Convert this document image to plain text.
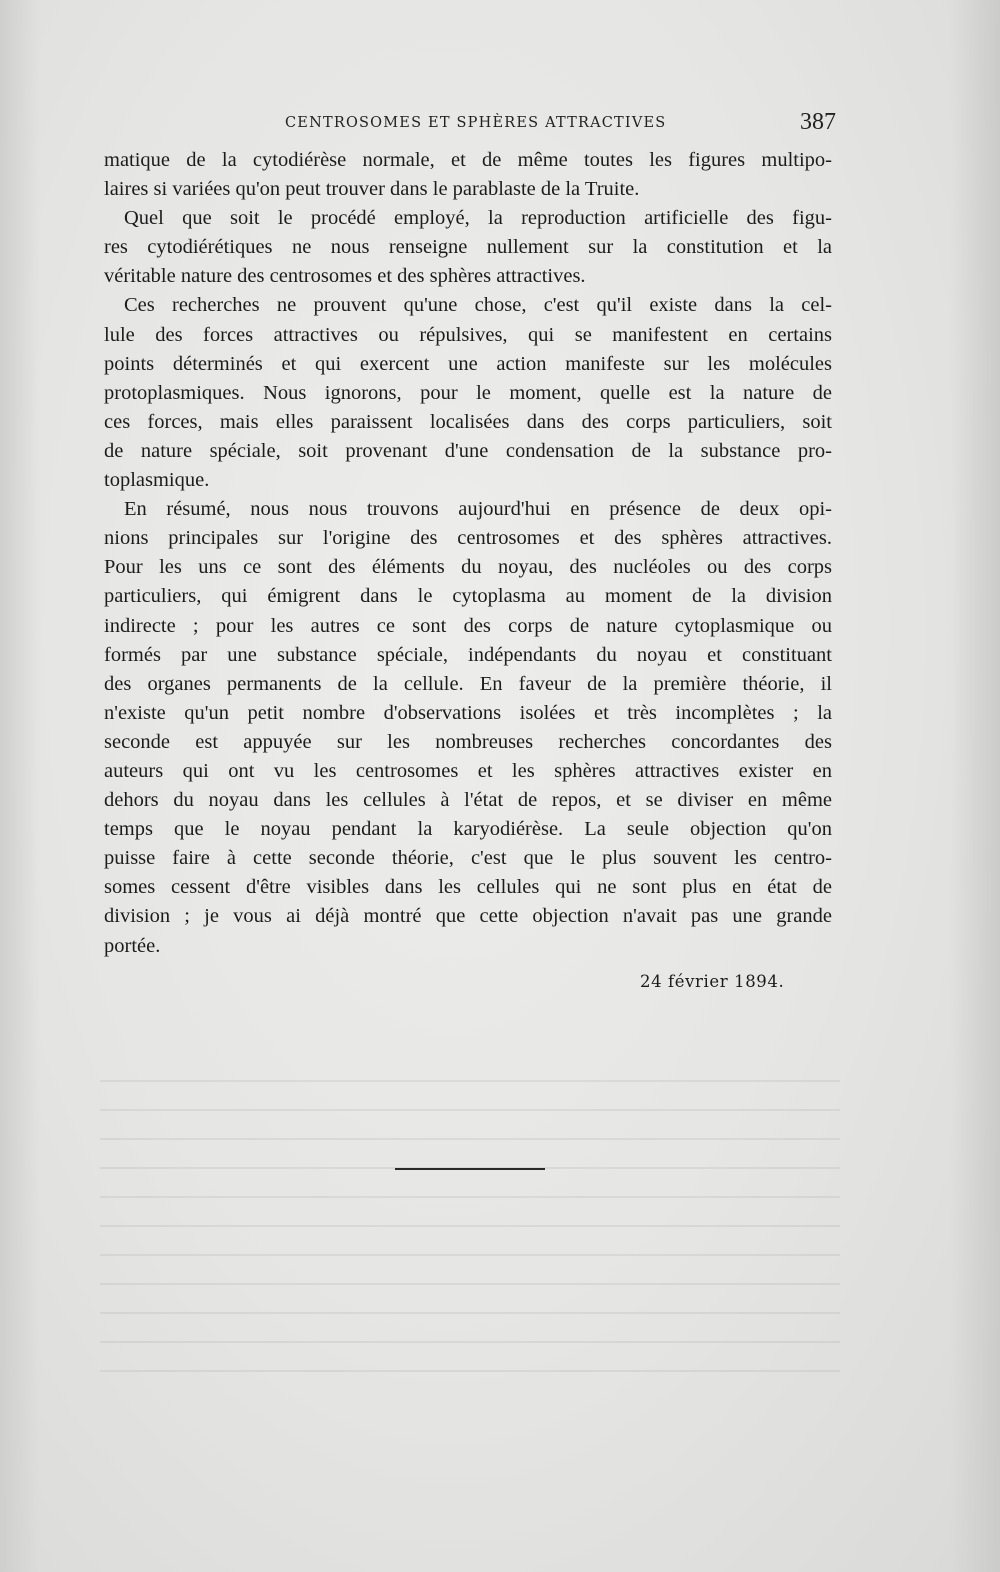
CENTROSOMES ET SPHÈRES ATTRACTIVES	387
matique de la cytodiérèse normale, et de même toutes les figures multipo-
laires si variées qu'on peut trouver dans le parablaste de la Truite.
Quel que soit le procédé employé, la reproduction artificielle des figu-
res cytodiérétiques ne nous renseigne nullement sur la constitution et la
véritable nature des centrosomes et des sphères attractives.
Ces recherches ne prouvent qu'une chose, c'est qu'il existe dans la cel-
lule des forces attractives ou répulsives, qui se manifestent en certains
points déterminés et qui exercent une action manifeste sur les molécules
protoplasmiques. Nous ignorons, pour le moment, quelle est la nature de
ces forces, mais elles paraissent localisées dans des corps particuliers, soit
de nature spéciale, soit provenant d'une condensation de la substance pro-
toplasmique.
En résumé, nous nous trouvons aujourd'hui en présence de deux opi-
nions principales sur l'origine des centrosomes et des sphères attractives.
Pour les uns ce sont des éléments du noyau, des nucléoles ou des corps
particuliers, qui émigrent dans le cytoplasma au moment de la division
indirecte ; pour les autres ce sont des corps de nature cytoplasmique ou
formés par une substance spéciale, indépendants du noyau et constituant
des organes permanents de la cellule. En faveur de la première théorie, il
n'existe qu'un petit nombre d'observations isolées et très incomplètes ; la
seconde est appuyée sur les nombreuses recherches concordantes des
auteurs qui ont vu les centrosomes et les sphères attractives exister en
dehors du noyau dans les cellules à l'état de repos, et se diviser en même
temps que le noyau pendant la karyodiérèse. La seule objection qu'on
puisse faire à cette seconde théorie, c'est que le plus souvent les centro-
somes cessent d'être visibles dans les cellules qui ne sont plus en état de
division ; je vous ai déjà montré que cette objection n'avait pas une grande
portée.
24 février 1894.
